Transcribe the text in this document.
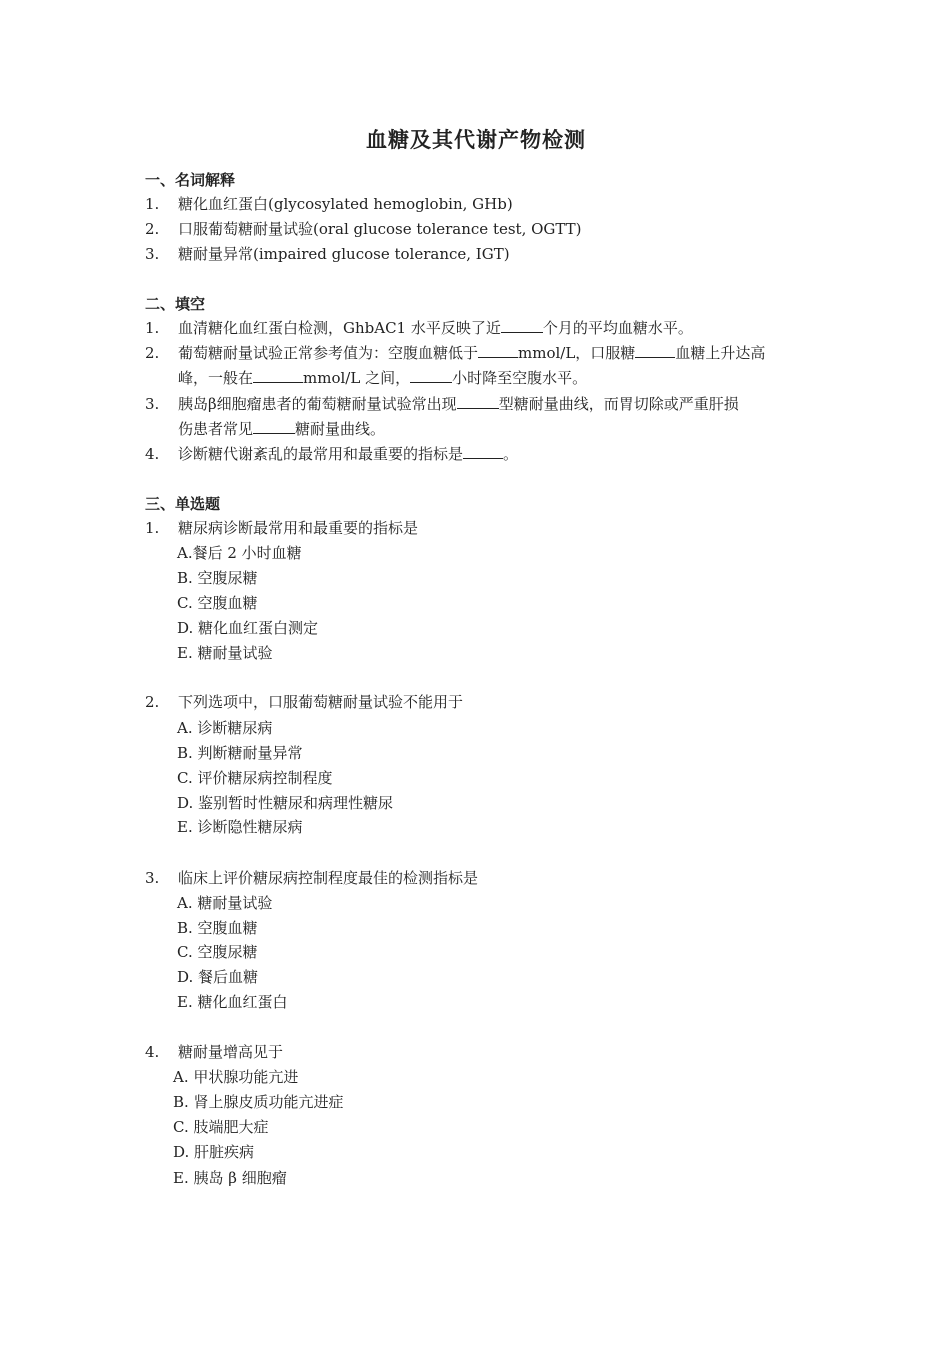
血糖及其代谢产物检测
一、名词解释
1. 糖化血红蛋白(glycosylated hemoglobin, GHb)
2. 口服葡萄糖耐量试验(oral glucose tolerance test, OGTT)
3. 糖耐量异常(impaired glucose tolerance, IGT)
二、填空
1. 血清糖化血红蛋白检测，GhbAC1 水平反映了近	个月的平均血糖水平。
2. 葡萄糖耐量试验正常参考值为：空腹血糖低于	mmol/L，口服糖	血糖上升达高
峰，一般在	mmol/L 之间，	小时降至空腹水平。
3. 胰岛β细胞瘤患者的葡萄糖耐量试验常出现	型糖耐量曲线，而胃切除或严重肝损
伤患者常见	糖耐量曲线。
4. 诊断糖代谢紊乱的最常用和最重要的指标是	。
三、单选题
1. 糖尿病诊断最常用和最重要的指标是
A.餐后 2 小时血糖
B. 空腹尿糖
C. 空腹血糖
D. 糖化血红蛋白测定
E. 糖耐量试验
2. 下列选项中，口服葡萄糖耐量试验不能用于
A. 诊断糖尿病
B. 判断糖耐量异常
C. 评价糖尿病控制程度
D. 鉴别暂时性糖尿和病理性糖尿
E. 诊断隐性糖尿病
3. 临床上评价糖尿病控制程度最佳的检测指标是
A. 糖耐量试验
B. 空腹血糖
C. 空腹尿糖
D. 餐后血糖
E. 糖化血红蛋白
4. 糖耐量增高见于
A. 甲状腺功能亢进
B. 肾上腺皮质功能亢进症
C. 肢端肥大症
D. 肝脏疾病
E. 胰岛 β 细胞瘤
